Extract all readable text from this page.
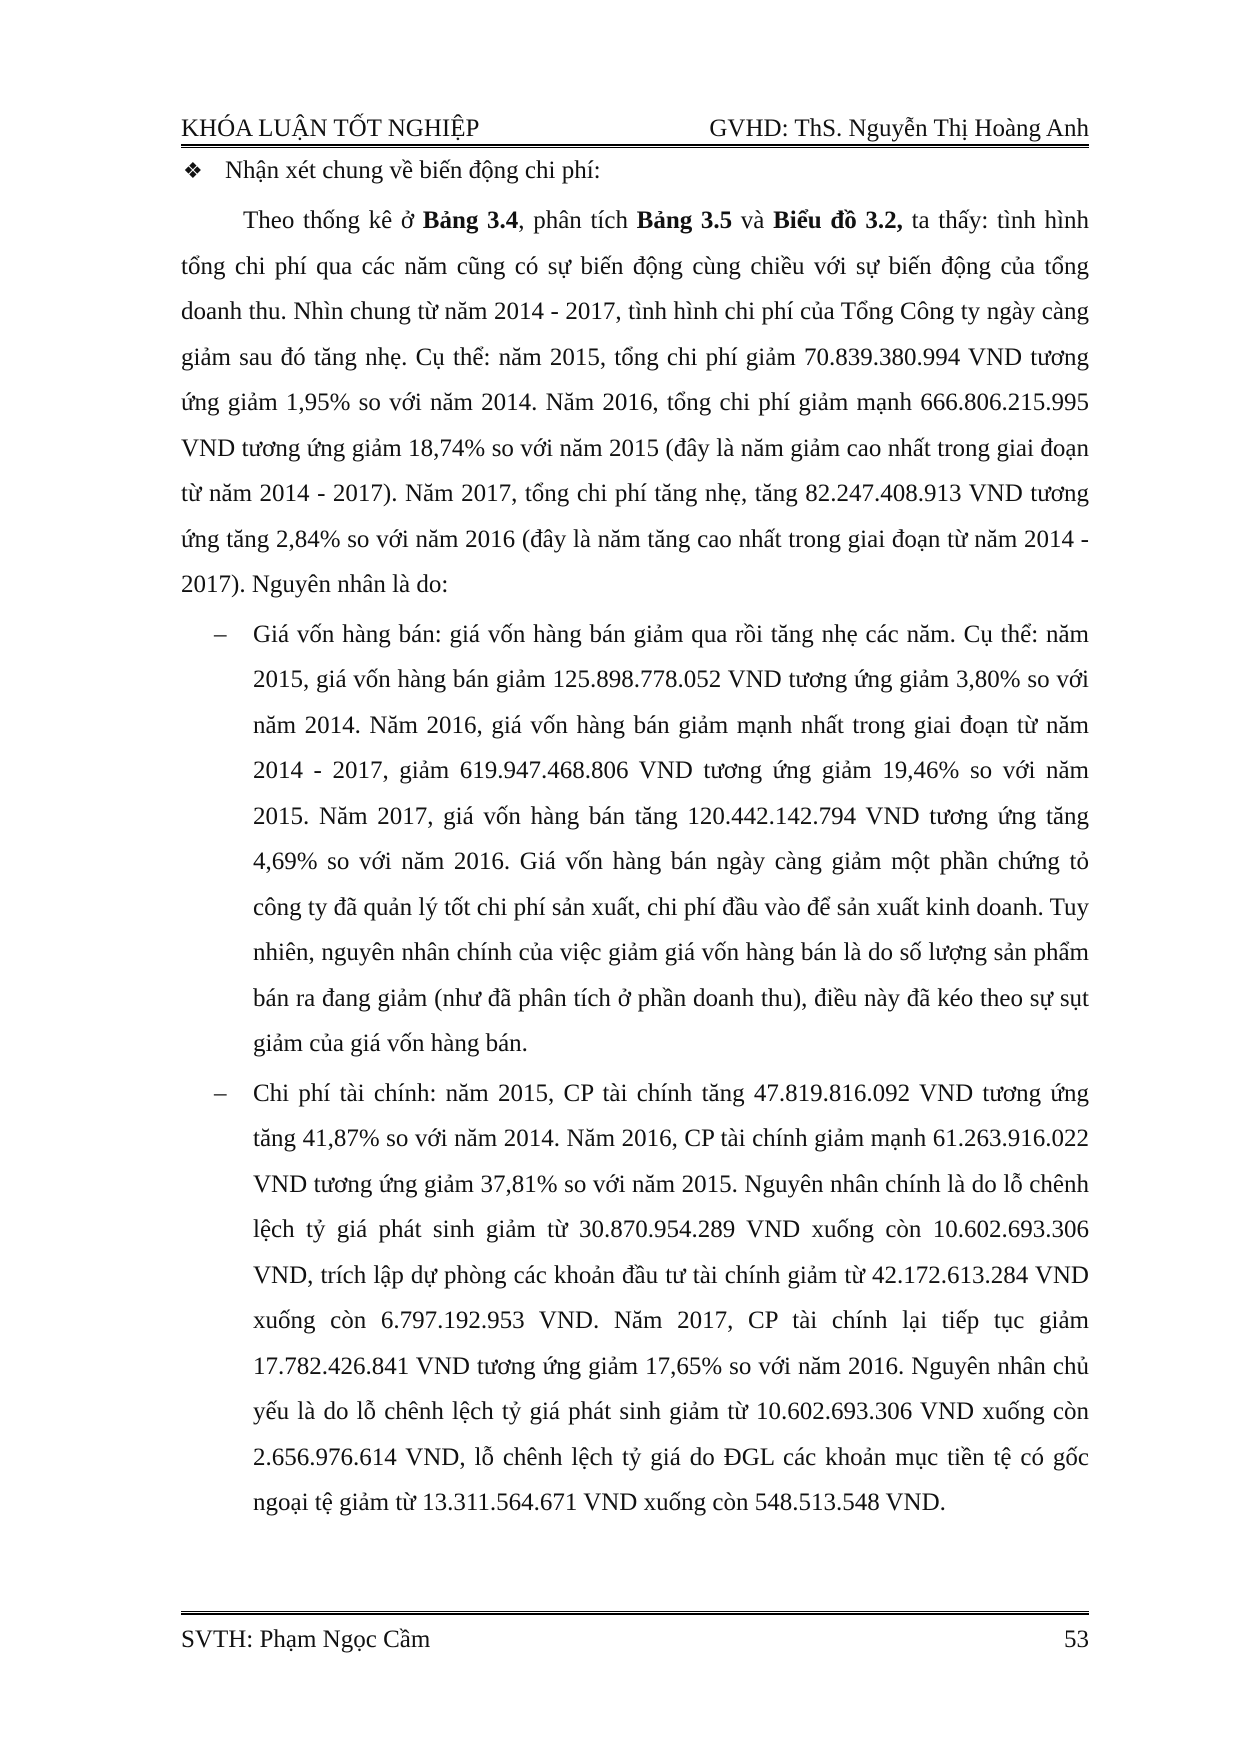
KHÓA LUẬN TỐT NGHIỆP	GVHD: ThS. Nguyễn Thị Hoàng Anh
❖ Nhận xét chung về biến động chi phí:

Theo thống kê ở Bảng 3.4, phân tích Bảng 3.5 và Biểu đồ 3.2, ta thấy: tình hình tổng chi phí qua các năm cũng có sự biến động cùng chiều với sự biến động của tổng doanh thu. Nhìn chung từ năm 2014 - 2017, tình hình chi phí của Tổng Công ty ngày càng giảm sau đó tăng nhẹ. Cụ thể: năm 2015, tổng chi phí giảm 70.839.380.994 VND tương ứng giảm 1,95% so với năm 2014. Năm 2016, tổng chi phí giảm mạnh 666.806.215.995 VND tương ứng giảm 18,74% so với năm 2015 (đây là năm giảm cao nhất trong giai đoạn từ năm 2014 - 2017). Năm 2017, tổng chi phí tăng nhẹ, tăng 82.247.408.913 VND tương ứng tăng 2,84% so với năm 2016 (đây là năm tăng cao nhất trong giai đoạn từ năm 2014 - 2017). Nguyên nhân là do:

– Giá vốn hàng bán: giá vốn hàng bán giảm qua rồi tăng nhẹ các năm. Cụ thể: năm 2015, giá vốn hàng bán giảm 125.898.778.052 VND tương ứng giảm 3,80% so với năm 2014. Năm 2016, giá vốn hàng bán giảm mạnh nhất trong giai đoạn từ năm 2014 - 2017, giảm 619.947.468.806 VND tương ứng giảm 19,46% so với năm 2015. Năm 2017, giá vốn hàng bán tăng 120.442.142.794 VND tương ứng tăng 4,69% so với năm 2016. Giá vốn hàng bán ngày càng giảm một phần chứng tỏ công ty đã quản lý tốt chi phí sản xuất, chi phí đầu vào để sản xuất kinh doanh. Tuy nhiên, nguyên nhân chính của việc giảm giá vốn hàng bán là do số lượng sản phẩm bán ra đang giảm (như đã phân tích ở phần doanh thu), điều này đã kéo theo sự sụt giảm của giá vốn hàng bán.

– Chi phí tài chính: năm 2015, CP tài chính tăng 47.819.816.092 VND tương ứng tăng 41,87% so với năm 2014. Năm 2016, CP tài chính giảm mạnh 61.263.916.022 VND tương ứng giảm 37,81% so với năm 2015. Nguyên nhân chính là do lỗ chênh lệch tỷ giá phát sinh giảm từ 30.870.954.289 VND xuống còn 10.602.693.306 VND, trích lập dự phòng các khoản đầu tư tài chính giảm từ 42.172.613.284 VND xuống còn 6.797.192.953 VND. Năm 2017, CP tài chính lại tiếp tục giảm 17.782.426.841 VND tương ứng giảm 17,65% so với năm 2016. Nguyên nhân chủ yếu là do lỗ chênh lệch tỷ giá phát sinh giảm từ 10.602.693.306 VND xuống còn 2.656.976.614 VND, lỗ chênh lệch tỷ giá do ĐGL các khoản mục tiền tệ có gốc ngoại tệ giảm từ 13.311.564.671 VND xuống còn 548.513.548 VND.

SVTH: Phạm Ngọc Cầm	53
